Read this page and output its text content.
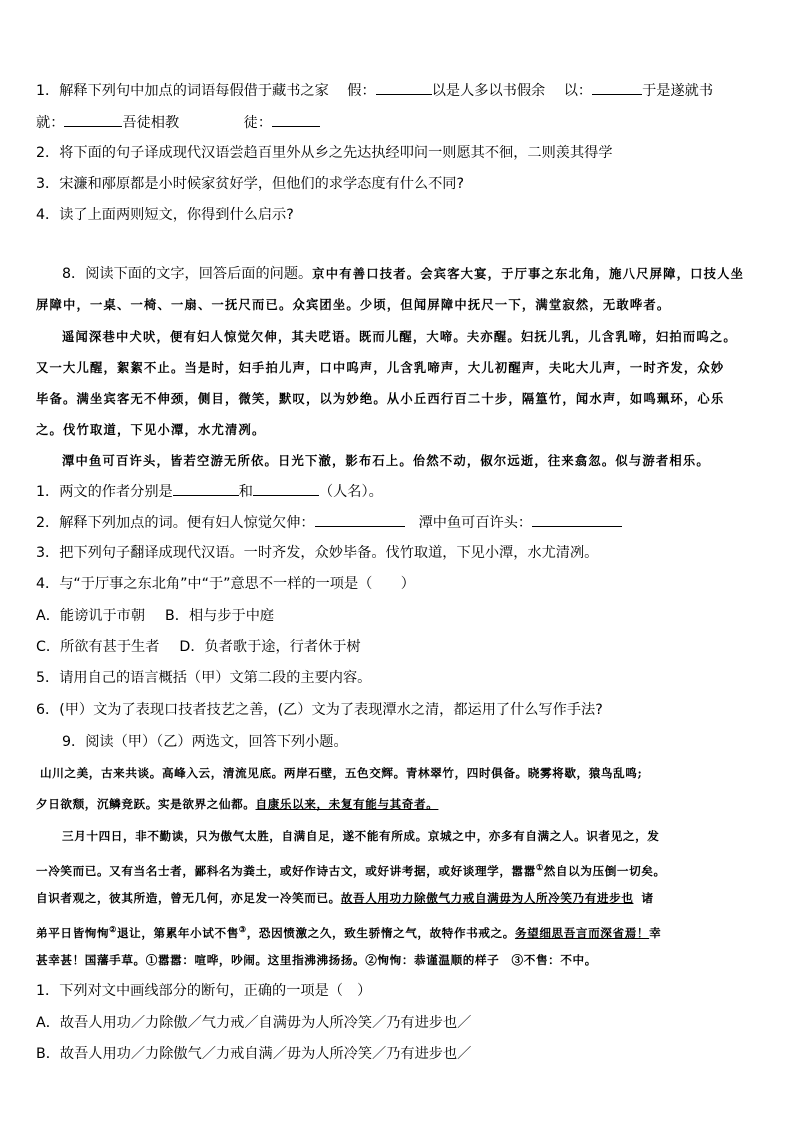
1．解释下列句中加点的词语每假借于藏书之家 假：	以是人多以书假余 以：	于是遂就书
就：	吾徒相教	徒：
2．将下面的句子译成现代汉语尝趋百里外从乡之先达执经叩问一则愿其不徊，二则羡其得学
3．宋濂和邴原都是小时候家贫好学，但他们的求学态度有什么不同?
4．读了上面两则短文，你得到什么启示?
8．阅读下面的文字，回答后面的问题。京中有善口技者。会宾客大宴，于厅事之东北角，施八尺屏障，口技人坐
屏障中，一桌、一椅、一扇、一抚尺而已。众宾团坐。少顷，但闻屏障中抚尺一下，满堂寂然，无敢哗者。
遥闻深巷中犬吠，便有妇人惊觉欠伸，其夫呓语。既而儿醒，大啼。夫亦醒。妇抚儿乳，儿含乳啼，妇拍而呜之。
又一大儿醒，絮絮不止。当是时，妇手拍儿声，口中呜声，儿含乳啼声，大儿初醒声，夫叱大儿声，一时齐发，众妙
毕备。满坐宾客无不伸颈，侧目，微笑，默叹，以为妙绝。从小丘西行百二十步，隔篁竹，闻水声，如鸣珮环，心乐
之。伐竹取道，下见小潭，水尤清冽。
潭中鱼可百许头，皆若空游无所依。日光下澈，影布石上。佁然不动，俶尔远逝，往来翕忽。似与游者相乐。
1．两文的作者分别是	和	（人名）。
2．解释下列加点的词。便有妇人惊觉欠伸：	潭中鱼可百许头：
3．把下列句子翻译成现代汉语。一时齐发，众妙毕备。伐竹取道，下见小潭，水尤清冽。
4．与“于厅事之东北角”中“于”意思不一样的一项是（　　）
A．能谤讥于市朝 B．相与步于中庭
C．所欲有甚于生者 D．负者歌于途，行者休于树
5．请用自己的语言概括（甲）文第二段的主要内容。
6．(甲）文为了表现口技者技艺之善，(乙）文为了表现潭水之清，都运用了什么写作手法?
9．阅读（甲）（乙）两选文，回答下列小题。
山川之美，古来共谈。高峰入云，清流见底。两岸石壁，五色交辉。青林翠竹，四时俱备。晓雾将歇，猿鸟乱鸣;
夕日欲颓，沉鳞竞跃。实是欲界之仙都。自康乐以来，未复有能与其奇者。
三月十四日，非不勤读，只为傲气太胜，自满自足，遂不能有所成。京城之中，亦多有自满之人。识者见之，发
一冷笑而已。又有当名士者，鄙科名为粪土，或好作诗古文，或好讲考据，或好谈理学，嚣嚣①然自以为压倒一切矣。
自识者观之，彼其所造，曾无几何，亦足发一冷笑而已。故吾人用功力除傲气力戒自满毋为人所冷笑乃有进步也 诸
弟平日皆恂恂②退让，第累年小试不售③，恐因愤激之久，致生骄惰之气，故特作书戒之。务望细思吾言而深省焉！幸
甚幸甚！国藩手草。①嚣嚣：喧哗，吵闹。这里指沸沸扬扬。②恂恂：恭谨温顺的样子　③不售：不中。
1．下列对文中画线部分的断句，正确的一项是（　）
A．故吾人用功／力除傲／气力戒／自满毋为人所冷笑／乃有进步也／
B．故吾人用功／力除傲气／力戒自满／毋为人所冷笑／乃有进步也／
